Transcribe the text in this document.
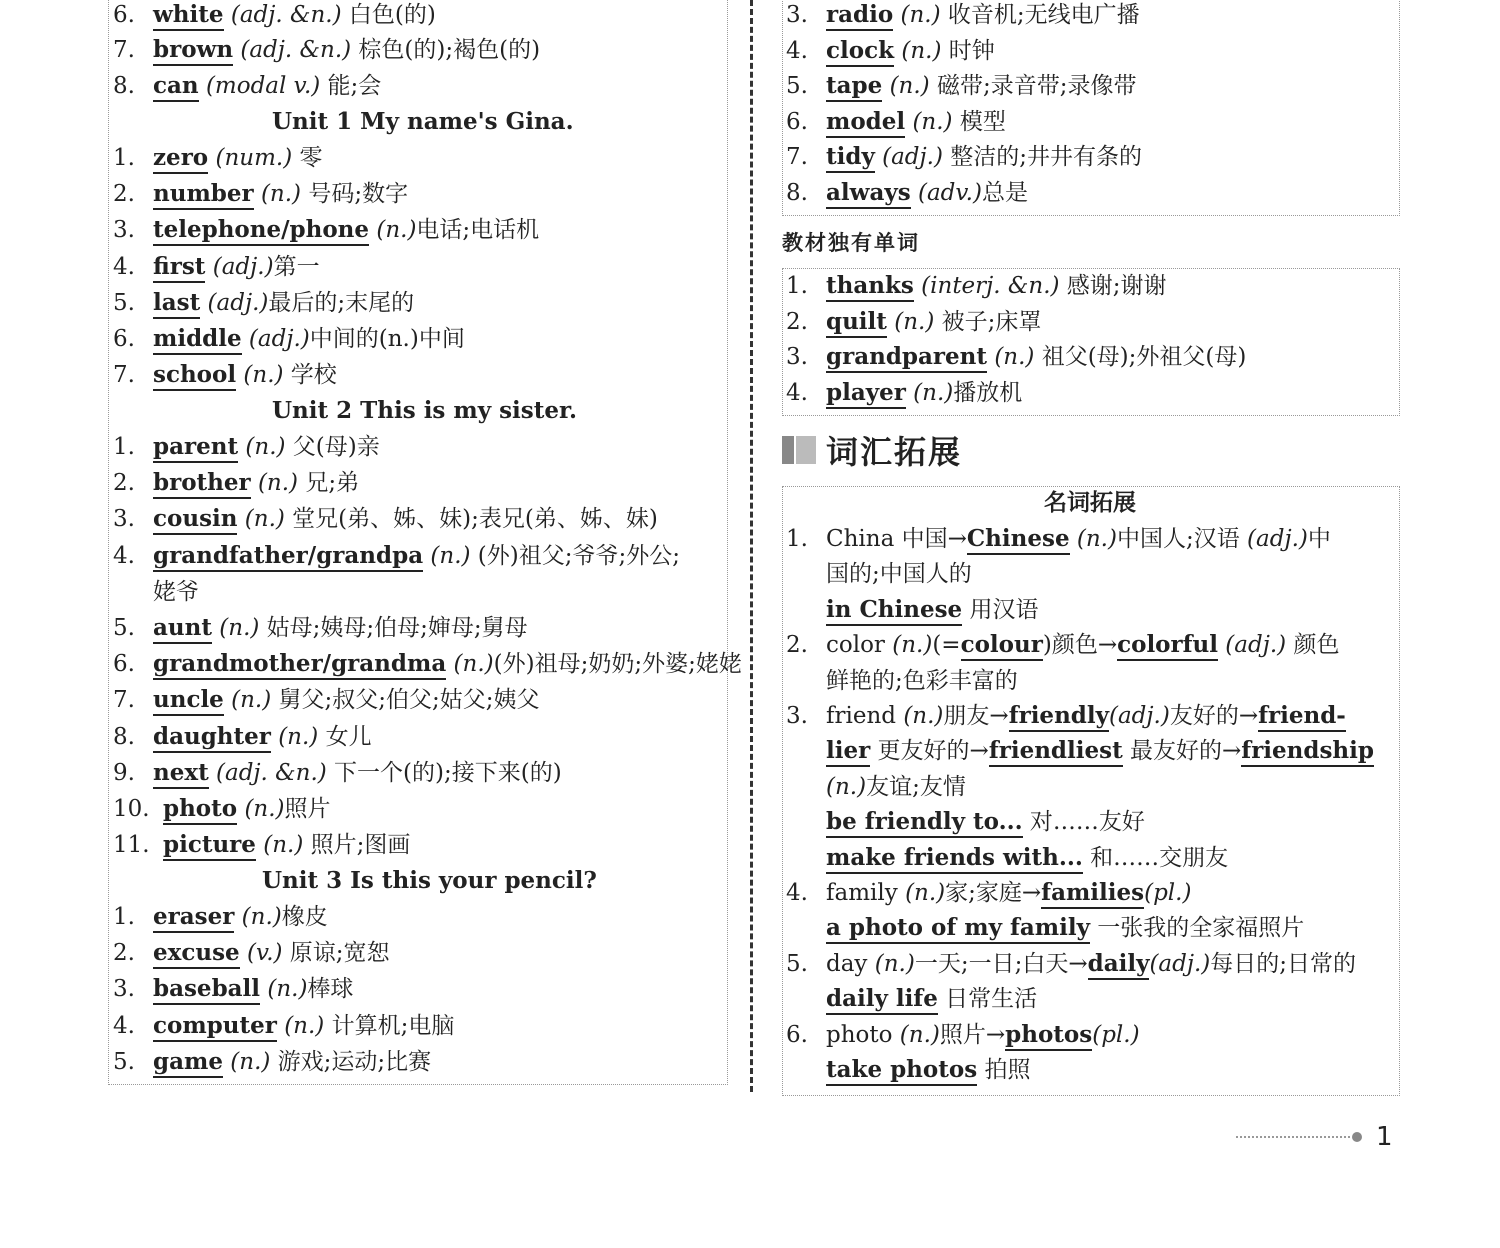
Unit 1 My name's Gina.
Unit 2 This is my sister.
Unit 3 Is this your pencil?
教材独有单词
词汇拓展
名词拓展
6. white (adj. &n.) 白色(的)
7. brown (adj. &n.) 棕色(的);褐色(的)
8. can (modal v.) 能;会
1. zero (num.) 零
2. number (n.) 号码;数字
3. telephone/phone (n.)电话;电话机
4. first (adj.)第一
5. last (adj.)最后的;末尾的
6. middle (adj.)中间的(n.)中间
7. school (n.) 学校
1. parent (n.) 父(母)亲
2. brother (n.) 兄;弟
3. cousin (n.) 堂兄(弟、姊、妹);表兄(弟、姊、妹)
4. grandfather/grandpa (n.) (外)祖父;爷爷;外公;
姥爷
5. aunt (n.) 姑母;姨母;伯母;婶母;舅母
6. grandmother/grandma (n.)(外)祖母;奶奶;外婆;姥姥
7. uncle (n.) 舅父;叔父;伯父;姑父;姨父
8. daughter (n.) 女儿
9. next (adj. &n.) 下一个(的);接下来(的)
10. photo (n.)照片
11. picture (n.) 照片;图画
1. eraser (n.)橡皮
2. excuse (v.) 原谅;宽恕
3. baseball (n.)棒球
4. computer (n.) 计算机;电脑
5. game (n.) 游戏;运动;比赛
3. radio (n.) 收音机;无线电广播
4. clock (n.) 时钟
5. tape (n.) 磁带;录音带;录像带
6. model (n.) 模型
7. tidy (adj.) 整洁的;井井有条的
8. always (adv.)总是
1. thanks (interj. &n.) 感谢;谢谢
2. quilt (n.) 被子;床罩
3. grandparent (n.) 祖父(母);外祖父(母)
4. player (n.)播放机
1. China 中国→Chinese (n.)中国人;汉语 (adj.)中
国的;中国人的
in Chinese 用汉语
2. color (n.)(=colour)颜色→colorful (adj.) 颜色
鲜艳的;色彩丰富的
3. friend (n.)朋友→friendly(adj.)友好的→friend-
lier 更友好的→friendliest 最友好的→friendship
(n.)友谊;友情
be friendly to... 对……友好
make friends with... 和……交朋友
4. family (n.)家;家庭→families(pl.)
a photo of my family 一张我的全家福照片
5. day (n.)一天;一日;白天→daily(adj.)每日的;日常的
daily life 日常生活
6. photo (n.)照片→photos(pl.)
take photos 拍照
1
